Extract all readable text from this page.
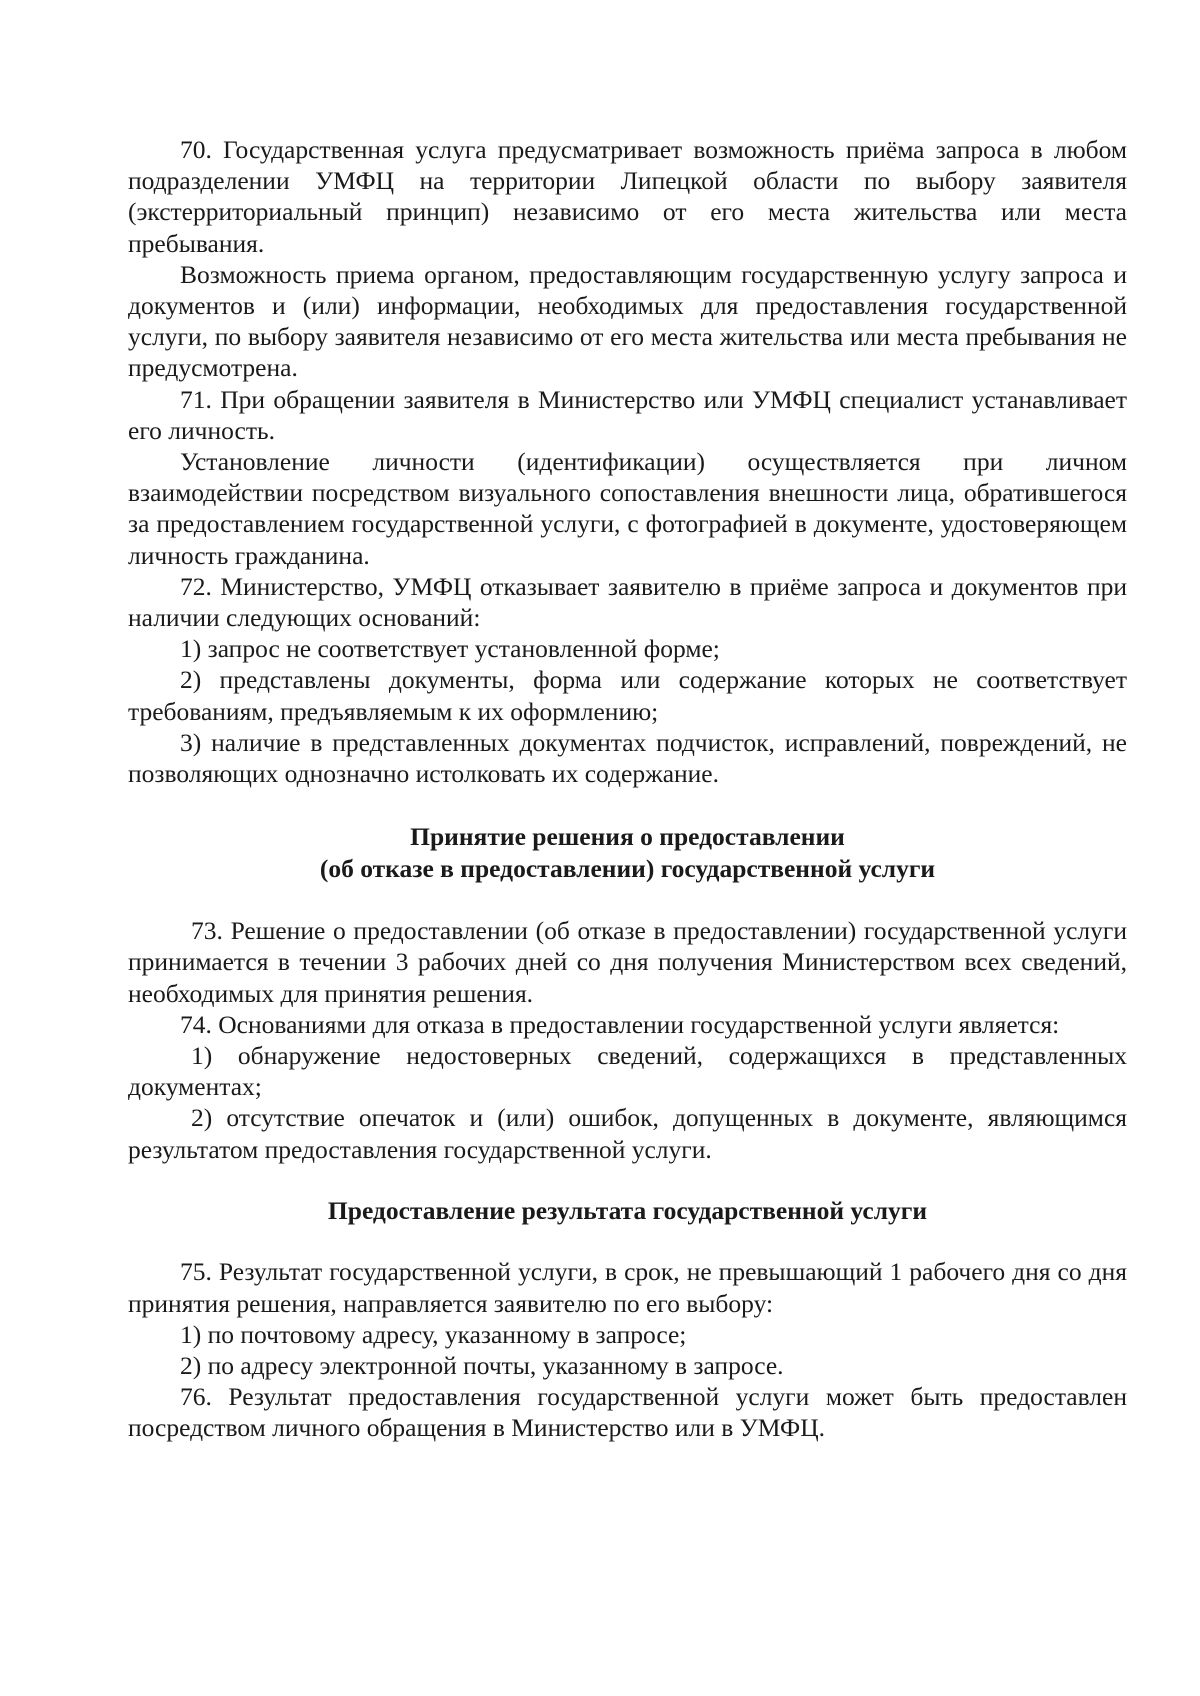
70. Государственная услуга предусматривает возможность приёма запроса в любом подразделении УМФЦ на территории Липецкой области по выбору заявителя (экстерриториальный принцип) независимо от его места жительства или места пребывания.

Возможность приема органом, предоставляющим государственную услугу запроса и документов и (или) информации, необходимых для предоставления государственной услуги, по выбору заявителя независимо от его места жительства или места пребывания не предусмотрена.

71. При обращении заявителя в Министерство или УМФЦ специалист устанавливает его личность.

Установление личности (идентификации) осуществляется при личном взаимодействии посредством визуального сопоставления внешности лица, обратившегося за предоставлением государственной услуги, с фотографией в документе, удостоверяющем личность гражданина.

72. Министерство, УМФЦ отказывает заявителю в приёме запроса и документов при наличии следующих оснований:

1) запрос не соответствует установленной форме;

2) представлены документы, форма или содержание которых не соответствует требованиям, предъявляемым к их оформлению;

3) наличие в представленных документах подчисток, исправлений, повреждений, не позволяющих однозначно истолковать их содержание.

Принятие решения о предоставлении

(об отказе в предоставлении) государственной услуги

73. Решение о предоставлении (об отказе в предоставлении) государственной услуги принимается в течении 3 рабочих дней со дня получения Министерством всех сведений, необходимых для принятия решения.

74. Основаниями для отказа в предоставлении государственной услуги является:

1) обнаружение недостоверных сведений, содержащихся в представленных документах;

2) отсутствие опечаток и (или) ошибок, допущенных в документе, являющимся результатом предоставления государственной услуги.

Предоставление результата государственной услуги

75. Результат государственной услуги, в срок, не превышающий 1 рабочего дня со дня принятия решения, направляется заявителю по его выбору:

1) по почтовому адресу, указанному в запросе;

2) по адресу электронной почты, указанному в запросе.

76. Результат предоставления государственной услуги может быть предоставлен посредством личного обращения в Министерство или в УМФЦ.
